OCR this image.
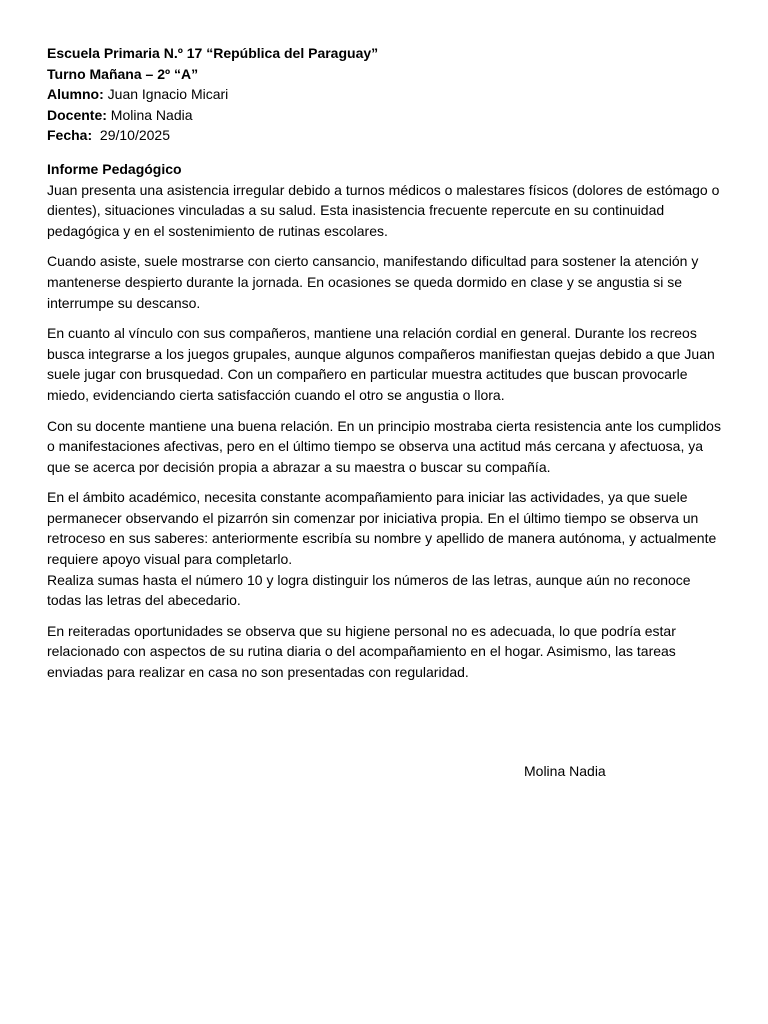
Escuela Primaria N.º 17 “República del Paraguay”

Turno Mañana – 2º “A”

Alumno: Juan Ignacio Micari

Docente: Molina Nadia

Fecha: 29/10/2025

Informe Pedagógico

Juan presenta una asistencia irregular debido a turnos médicos o malestares físicos (dolores de estómago o dientes), situaciones vinculadas a su salud. Esta inasistencia frecuente repercute en su continuidad pedagógica y en el sostenimiento de rutinas escolares.

Cuando asiste, suele mostrarse con cierto cansancio, manifestando dificultad para sostener la atención y mantenerse despierto durante la jornada. En ocasiones se queda dormido en clase y se angustia si se interrumpe su descanso.

En cuanto al vínculo con sus compañeros, mantiene una relación cordial en general. Durante los recreos busca integrarse a los juegos grupales, aunque algunos compañeros manifiestan quejas debido a que Juan suele jugar con brusquedad. Con un compañero en particular muestra actitudes que buscan provocarle miedo, evidenciando cierta satisfacción cuando el otro se angustia o llora.

Con su docente mantiene una buena relación. En un principio mostraba cierta resistencia ante los cumplidos o manifestaciones afectivas, pero en el último tiempo se observa una actitud más cercana y afectuosa, ya que se acerca por decisión propia a abrazar a su maestra o buscar su compañía.

En el ámbito académico, necesita constante acompañamiento para iniciar las actividades, ya que suele permanecer observando el pizarrón sin comenzar por iniciativa propia. En el último tiempo se observa un retroceso en sus saberes: anteriormente escribía su nombre y apellido de manera autónoma, y actualmente requiere apoyo visual para completarlo.
Realiza sumas hasta el número 10 y logra distinguir los números de las letras, aunque aún no reconoce todas las letras del abecedario.

En reiteradas oportunidades se observa que su higiene personal no es adecuada, lo que podría estar relacionado con aspectos de su rutina diaria o del acompañamiento en el hogar. Asimismo, las tareas enviadas para realizar en casa no son presentadas con regularidad.

Molina Nadia
